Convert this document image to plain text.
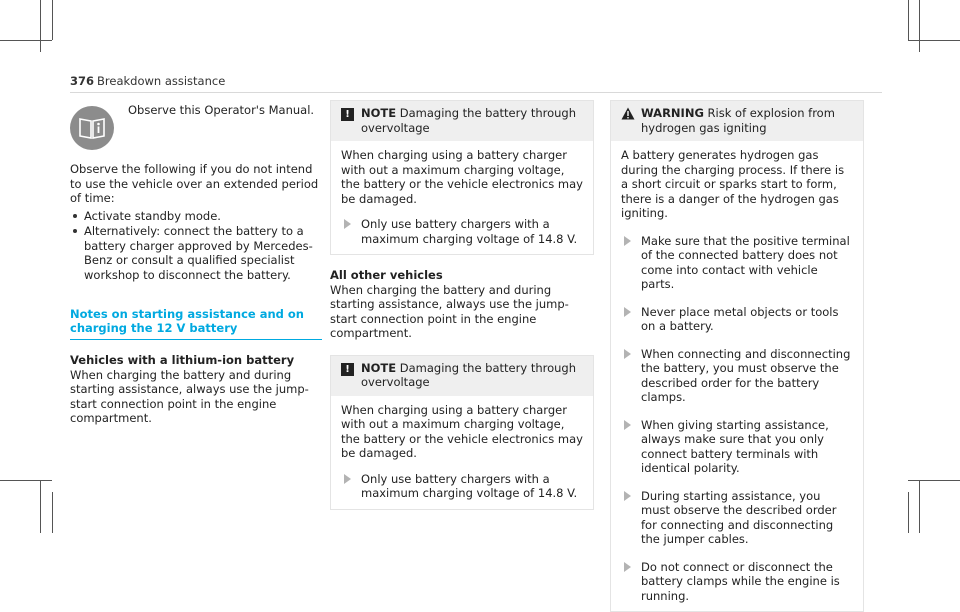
376 Breakdown assistance
Observe this Operator's Manual.

Observe the following if you do not intend to use the vehicle over an extended period of time:

Activate standby mode.
Alternatively: connect the battery to a battery charger approved by Mercedes-Benz or consult a qualified specialist workshop to disconnect the battery.
Notes on starting assistance and on charging the 12 V battery
Vehicles with a lithium-ion battery

When charging the battery and during starting assistance, always use the jump-start connection point in the engine compartment.

! NOTE Damaging the battery through overvoltage
When charging using a battery charger with out a maximum charging voltage, the battery or the vehicle electronics may be damaged.
Only use battery chargers with a maximum charging voltage of 14.8 V.
All other vehicles

When charging the battery and during starting assistance, always use the jump-start connection point in the engine compartment.

! NOTE Damaging the battery through overvoltage
When charging using a battery charger with out a maximum charging voltage, the battery or the vehicle electronics may be damaged.
Only use battery chargers with a maximum charging voltage of 14.8 V.
WARNING Risk of explosion from hydrogen gas igniting
A battery generates hydrogen gas during the charging process. If there is a short circuit or sparks start to form, there is a danger of the hydrogen gas igniting.
Make sure that the positive terminal of the connected battery does not come into contact with vehicle parts.
Never place metal objects or tools on a battery.
When connecting and disconnecting the battery, you must observe the described order for the battery clamps.
When giving starting assistance, always make sure that you only connect battery terminals with identical polarity.
During starting assistance, you must observe the described order for connecting and disconnecting the jumper cables.
Do not connect or disconnect the battery clamps while the engine is running.
